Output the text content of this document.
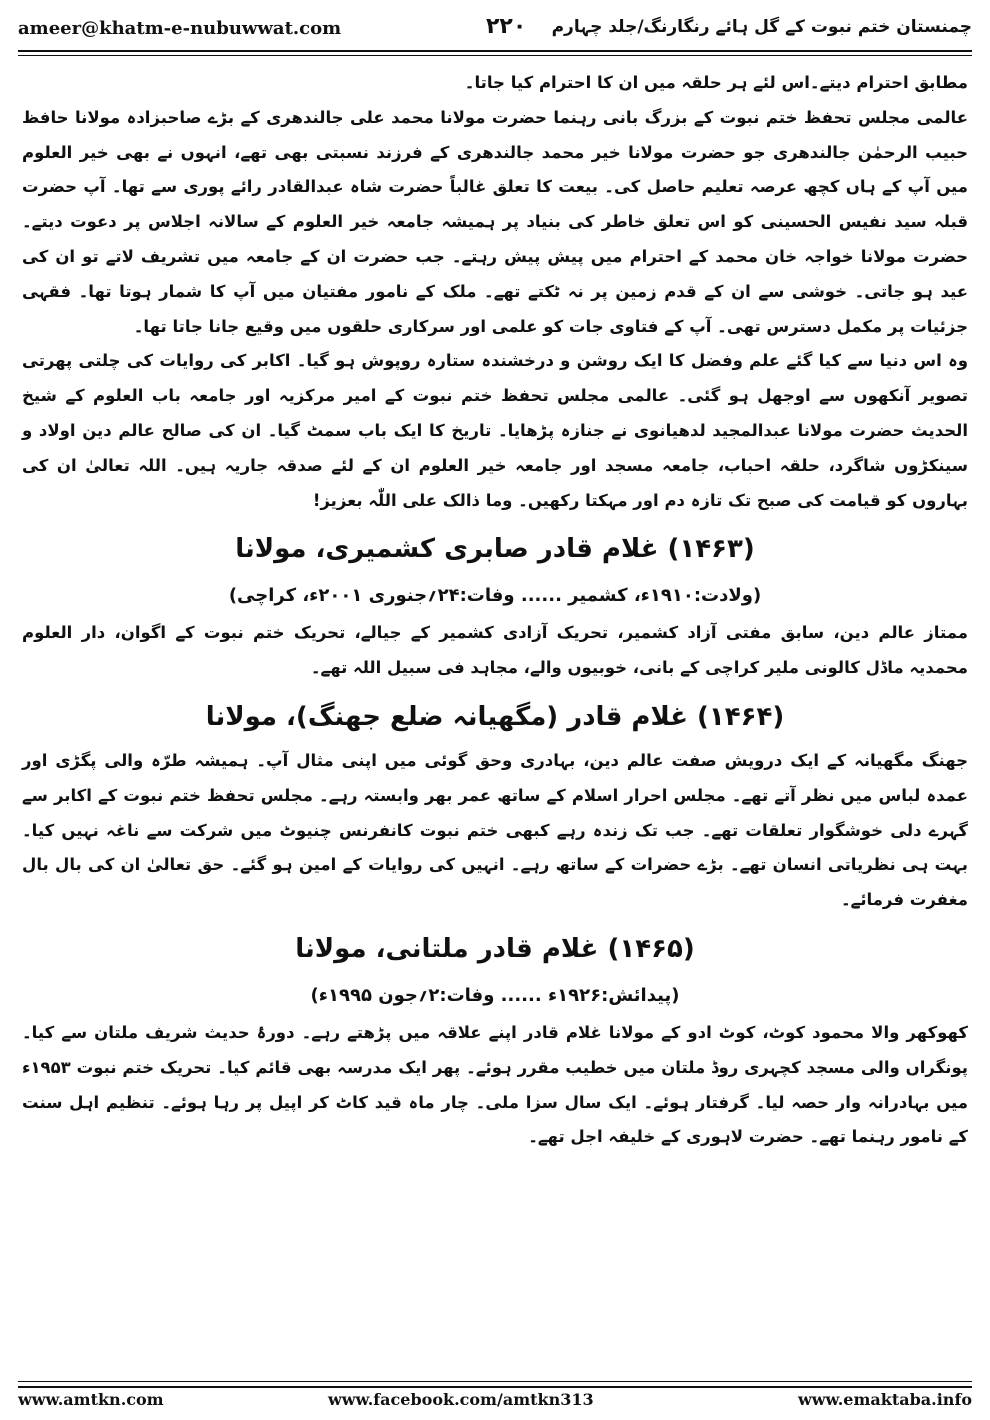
ameer@khatm-e-nubuwwat.com	۲۲۰ چمنستان ختم نبوت کے گل ہائے رنگارنگ/جلد چہارم

مطابق احترام دیتے۔اس لئے ہر حلقہ میں ان کا احترام کیا جاتا۔

عالمی مجلس تحفظ ختم نبوت کے بزرگ بانی رہنما حضرت مولانا محمد علی جالندھری کے بڑے صاحبزادہ مولانا حافظ حبیب الرحمٰن جالندھری جو حضرت مولانا خیر محمد جالندھری کے فرزند نسبتی بھی تھے، انہوں نے بھی خیر العلوم میں آپ کے ہاں کچھ عرصہ تعلیم حاصل کی۔ بیعت کا تعلق غالباً حضرت شاہ عبدالقادر رائے پوری سے تھا۔ آپ حضرت قبلہ سید نفیس الحسینی کو اس تعلق خاطر کی بنیاد پر ہمیشہ جامعہ خیر العلوم کے سالانہ اجلاس پر دعوت دیتے۔ حضرت مولانا خواجہ خان محمد کے احترام میں پیش پیش رہتے۔ جب حضرت ان کے جامعہ میں تشریف لاتے تو ان کی عید ہو جاتی۔ خوشی سے ان کے قدم زمین پر نہ ٹکتے تھے۔ ملک کے نامور مفتیان میں آپ کا شمار ہوتا تھا۔ فقہی جزئیات پر مکمل دسترس تھی۔ آپ کے فتاوی جات کو علمی اور سرکاری حلقوں میں وقیع جانا جاتا تھا۔

وہ اس دنیا سے کیا گئے علم وفضل کا ایک روشن و درخشندہ ستارہ روپوش ہو گیا۔ اکابر کی روایات کی چلتی پھرتی تصویر آنکھوں سے اوجھل ہو گئی۔ عالمی مجلس تحفظ ختم نبوت کے امیر مرکزیہ اور جامعہ باب العلوم کے شیخ الحدیث حضرت مولانا عبدالمجید لدھیانوی نے جنازہ پڑھایا۔ تاریخ کا ایک باب سمٹ گیا۔ ان کی صالح عالم دین اولاد و سینکڑوں شاگرد، حلقہ احباب، جامعہ مسجد اور جامعہ خیر العلوم ان کے لئے صدقہ جاریہ ہیں۔ اللہ تعالیٰ ان کی بہاروں کو قیامت کی صبح تک تازہ دم اور مہکتا رکھیں۔ وما ذالک علی اللّٰہ بعزیز!

(۱۴۶۳) غلام قادر صابری کشمیری، مولانا
(ولادت:۱۹۱۰ء، کشمیر ...... وفات:۲۴؍جنوری ۲۰۰۱ء، کراچی)

ممتاز عالم دین، سابق مفتی آزاد کشمیر، تحریک آزادی کشمیر کے جیالے، تحریک ختم نبوت کے اگوان، دار العلوم محمدیہ ماڈل کالونی ملیر کراچی کے بانی، خوبیوں والے، مجاہد فی سبیل اللہ تھے۔

(۱۴۶۴) غلام قادر (مگھیانہ ضلع جھنگ)، مولانا

جھنگ مگھیانہ کے ایک درویش صفت عالم دین، بہادری وحق گوئی میں اپنی مثال آپ۔ ہمیشہ طرّہ والی پگڑی اور عمدہ لباس میں نظر آتے تھے۔ مجلس احرار اسلام کے ساتھ عمر بھر وابستہ رہے۔ مجلس تحفظ ختم نبوت کے اکابر سے گہرے دلی خوشگوار تعلقات تھے۔ جب تک زندہ رہے کبھی ختم نبوت کانفرنس چنیوٹ میں شرکت سے ناغہ نہیں کیا۔ بہت ہی نظریاتی انسان تھے۔ بڑے حضرات کے ساتھ رہے۔ انہیں کی روایات کے امین ہو گئے۔ حق تعالیٰ ان کی بال بال مغفرت فرمائے۔

(۱۴۶۵) غلام قادر ملتانی، مولانا
(پیدائش:۱۹۲۶ء ...... وفات:۲؍جون ۱۹۹۵ء)

کھوکھر والا محمود کوٹ، کوٹ ادو کے مولانا غلام قادر اپنے علاقہ میں پڑھتے رہے۔ دورۂ حدیث شریف ملتان سے کیا۔ پونگراں والی مسجد کچہری روڈ ملتان میں خطیب مقرر ہوئے۔ پھر ایک مدرسہ بھی قائم کیا۔ تحریک ختم نبوت ۱۹۵۳ء میں بہادرانہ وار حصہ لیا۔ گرفتار ہوئے۔ ایک سال سزا ملی۔ چار ماہ قید کاٹ کر اپیل پر رہا ہوئے۔ تنظیم اہل سنت کے نامور رہنما تھے۔ حضرت لاہوری کے خلیفہ اجل تھے۔

www.amtkn.com	www.facebook.com/amtkn313	www.emaktaba.info
